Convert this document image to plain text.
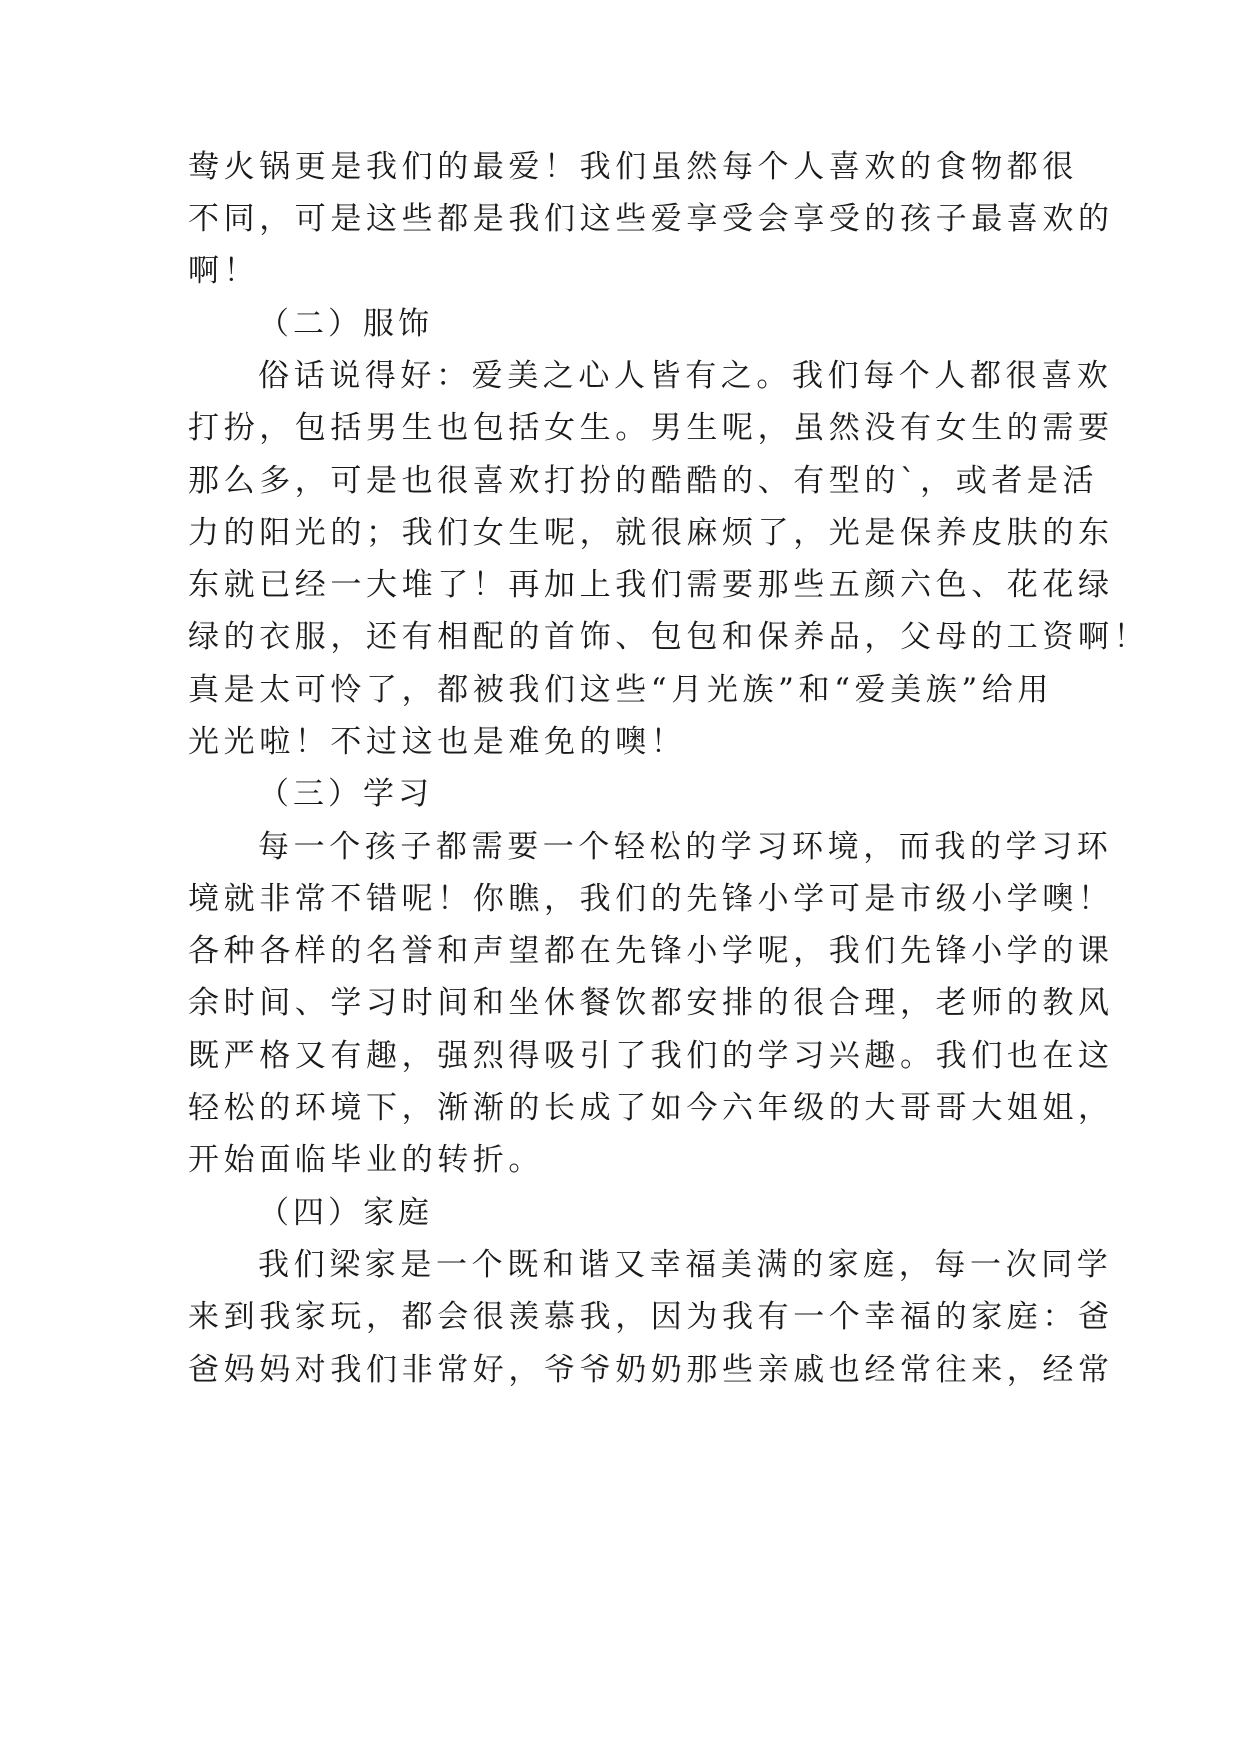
鸯火锅更是我们的最爱！我们虽然每个人喜欢的食物都很
不同，可是这些都是我们这些爱享受会享受的孩子最喜欢的
啊！
（二）服饰
俗话说得好：爱美之心人皆有之。我们每个人都很喜欢
打扮，包括男生也包括女生。男生呢，虽然没有女生的需要
那么多，可是也很喜欢打扮的酷酷的、有型的`，或者是活
力的阳光的；我们女生呢，就很麻烦了，光是保养皮肤的东
东就已经一大堆了！再加上我们需要那些五颜六色、花花绿
绿的衣服，还有相配的首饰、包包和保养品，父母的工资啊！
真是太可怜了，都被我们这些“月光族”和“爱美族”给用
光光啦！不过这也是难免的噢！
（三）学习
每一个孩子都需要一个轻松的学习环境，而我的学习环
境就非常不错呢！你瞧，我们的先锋小学可是市级小学噢！
各种各样的名誉和声望都在先锋小学呢，我们先锋小学的课
余时间、学习时间和坐休餐饮都安排的很合理，老师的教风
既严格又有趣，强烈得吸引了我们的学习兴趣。我们也在这
轻松的环境下，渐渐的长成了如今六年级的大哥哥大姐姐，
开始面临毕业的转折。
（四）家庭
我们梁家是一个既和谐又幸福美满的家庭，每一次同学
来到我家玩，都会很羡慕我，因为我有一个幸福的家庭：爸
爸妈妈对我们非常好，爷爷奶奶那些亲戚也经常往来，经常
